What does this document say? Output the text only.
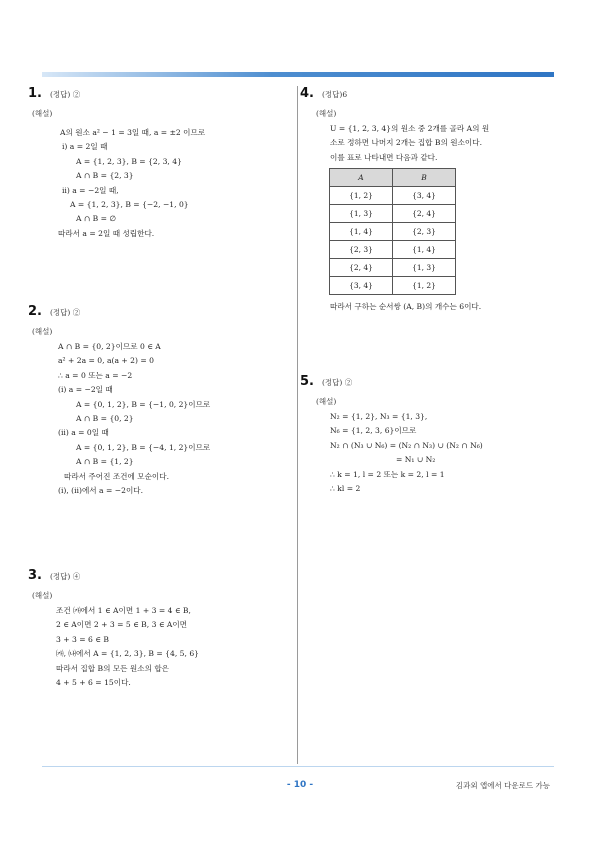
1. (정답) ②
(해설)
A의 원소 a² − 1 = 3일 때, a = ±2 이므로
ⅰ) a = 2일 때
A = {1, 2, 3}, B = {2, 3, 4}
A ∩ B = {2, 3}
ⅱ) a = −2일 때,
A = {1, 2, 3}, B = {−2, −1, 0}
A ∩ B = ∅
따라서 a = 2일 때 성립한다.
2. (정답) ②
(해설)
A ∩ B = {0, 2}이므로 0 ∈ A
a² + 2a = 0, a(a + 2) = 0
∴ a = 0 또는 a = −2
(ⅰ) a = −2일 때
A = {0, 1, 2}, B = {−1, 0, 2}이므로
A ∩ B = {0, 2}
(ⅱ) a = 0일 때
A = {0, 1, 2}, B = {−4, 1, 2}이므로
A ∩ B = {1, 2}
따라서 주어진 조건에 모순이다.
(ⅰ), (ⅱ)에서 a = −2이다.
3. (정답) ④
(해설)
조건 ㈎에서 1 ∈ A이면 1 + 3 = 4 ∈ B,
2 ∈ A이면 2 + 3 = 5 ∈ B, 3 ∈ A이면
3 + 3 = 6 ∈ B
㈎, ㈏에서 A = {1, 2, 3}, B = {4, 5, 6}
따라서 집합 B의 모든 원소의 합은
4 + 5 + 6 = 15이다.
4. (정답)6
(해설)
U = {1, 2, 3, 4}의 원소 중 2개를 골라 A의 원
소로 정하면 나머지 2개는 집합 B의 원소이다.
이를 표로 나타내면 다음과 같다.
A	B
{1, 2}	{3, 4}
{1, 3}	{2, 4}
{1, 4}	{2, 3}
{2, 3}	{1, 4}
{2, 4}	{1, 3}
{3, 4}	{1, 2}
따라서 구하는 순서쌍 (A, B)의 개수는 6이다.
5. (정답) ②
(해설)
N₂ = {1, 2}, N₃ = {1, 3},
N₆ = {1, 2, 3, 6}이므로
N₂ ∩ (N₃ ∪ N₆) = (N₂ ∩ N₃) ∪ (N₂ ∩ N₆)
= N₁ ∪ N₂
∴ k = 1, l = 2 또는 k = 2, l = 1
∴ kl = 2
- 10 -	김과외 앱에서 다운로드 가능
